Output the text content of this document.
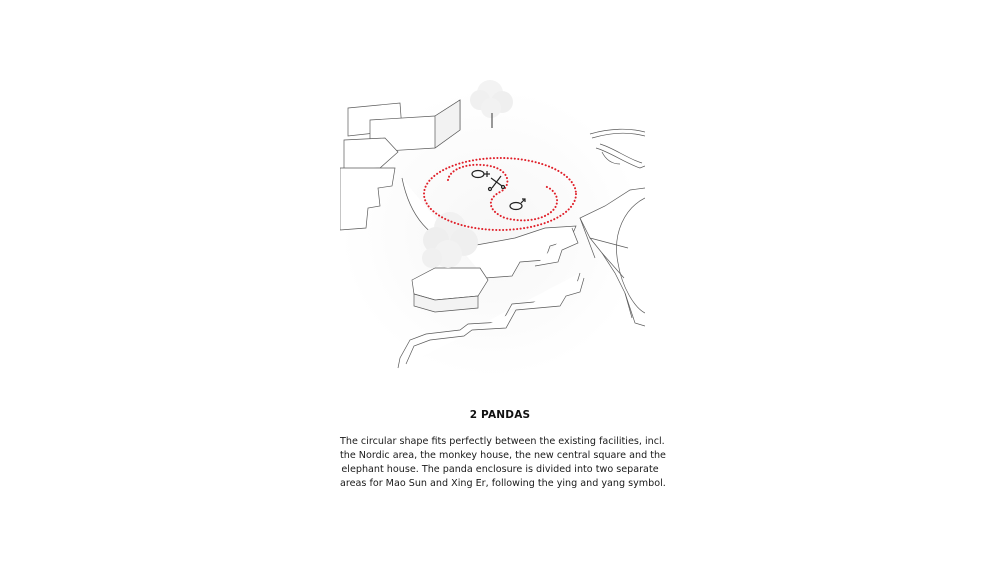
2 PANDAS
The circular shape fits perfectly between the existing facilities, incl.
the Nordic area, the monkey house, the new central square and the
elephant house. The panda enclosure is divided into two separate
areas for Mao Sun and Xing Er, following the ying and yang symbol.
